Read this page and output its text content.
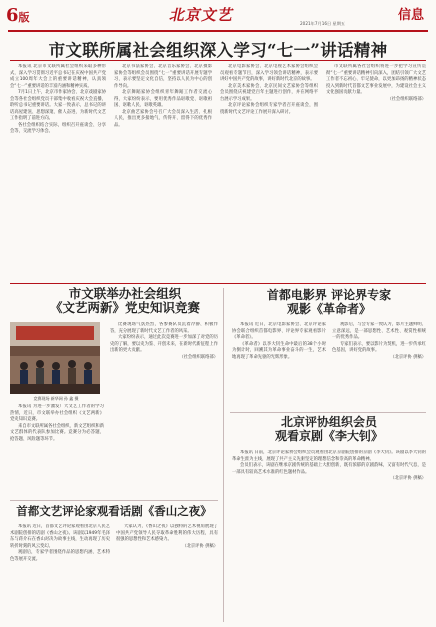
6版	北京文艺	信息
2021年7月16日 星期五
市文联所属社会组织深入学习“七一”讲话精神

本报讯 北京市文联所属社会组织采取多种形式，深入学习贯彻习近平总书记在庆祝中国共产党成立100周年大会上的重要讲话精神，认真领会“七一”重要讲话的丰富内涵和精神实质。

7月1日上午，北京市作家协会、北京戏剧家协会等各社会组织党员干部集中收看庆祝大会直播，聆听总书记重要讲话。大家一致表示，总书记的讲话高屋建瓴、思想深邃、催人奋进，为新时代文艺工作指明了前进方向。

各社会组织结合实际，组织召开座谈会、分享会等，交流学习体会。

北京书法家协会、北京音乐家协会、北京摄影家协会等组织会员围绕“七一”重要讲话开展专题学习，表示要坚定文化自信，坚持以人民为中心的创作导向。

北京舞蹈家协会组织青年舞蹈工作者交流心得，大家纷纷表示，要用优秀作品讴歌党、讴歌祖国、讴歌人民、讴歌英雄。

北京曲艺家协会号召广大会员深入生活、扎根人民，推出更多接地气、传得开、留得下的优秀作品。

北京电影家协会、北京电视艺术家协会组织会员观看专题节目，深入学习领会讲话精神，表示要讲好中国共产党的故事，讲好新时代北京的故事。

北京美术家协会、北京民间文艺家协会等组织会员围绕庆祝建党百年主题进行创作，并在网络平台展示学习成果。

北京评论家协会组织专家学者召开座谈会，围绕新时代文艺评论工作展开深入研讨。

市文联所属各社会组织将进一步把学习宣传贯彻“七一”重要讲话精神引向深入，团结引领广大文艺工作者不忘初心、牢记使命，以更加昂扬的精神状态投入到新时代首都文艺事业发展中，为建设社会主义文化强国贡献力量。

（社会组织联络部）

市文联举办社会组织
《文艺两新》党史知识竞赛
竞赛现场 新华网 孙 鑫 摄

本报讯 为进一步激发广大文艺工作者的学习热情，近日，市文联举办社会组织《文艺两新》党史知识竞赛。

来自市文联所属各社会组织、新文艺组织和新文艺群体的代表队参加比赛。竞赛分为必答题、抢答题、风险题等环节。

比赛现场气氛热烈，各参赛队员沉着冷静、积极作答，充分展现了新时代文艺工作者的风采。

大家纷纷表示，通过此次竞赛进一步加深了对党的历史的了解，要以史为鉴、开创未来，在新时代新征程上作出新的更大贡献。

（社会组织联络部）

首都电影界 评论界专家
观影《革命者》

本报讯 近日，北京电影家协会、北京评论家协会联合组织首都电影界、评论界专家观看影片《革命者》。

《革命者》以李大钊生命中最后的38个小时为倒计时，回溯其为革命事业奋斗的一生，艺术地再现了革命先驱的光辉形象。

观影后，与会专家一致认为，影片主题鲜明、立意深远，是一部思想性、艺术性、观赏性相统一的优秀作品。

专家们表示，要以影片为契机，进一步传承红色基因，讲好党的故事。

（北京评协 供稿）

北京评协组织会员
观看京剧《李大钊》

本报讯 日前，北京评论家协会组织会员观看由北京京剧院创排的京剧《李大钊》。该剧以李大钊的革命生涯为主线，展现了共产主义先驱坚定的理想信念和崇高的革命精神。

会员们表示，该剧在继承京剧传统的基础上大胆创新，既有浓郁的京剧韵味，又富有时代气息，是一部具有较高艺术水准的红色题材作品。

（北京评协 供稿）

首都文艺评论家观看话剧《香山之夜》

本报讯 近日，首都文艺评论家观看由北京人民艺术剧院创排的话剧《香山之夜》。该剧以1949年毛泽东与蒋介石在香山对决为故事主线，生动再现了历史转折时刻的风云变幻。

观剧后，专家学者围绕作品的思想内涵、艺术特色等展开交流。

大家认为，《香山之夜》以独特的艺术视角展现了中国共产党领导人民夺取革命胜利的伟大历程，具有很强的思想性和艺术感染力。

（北京评协 供稿）
